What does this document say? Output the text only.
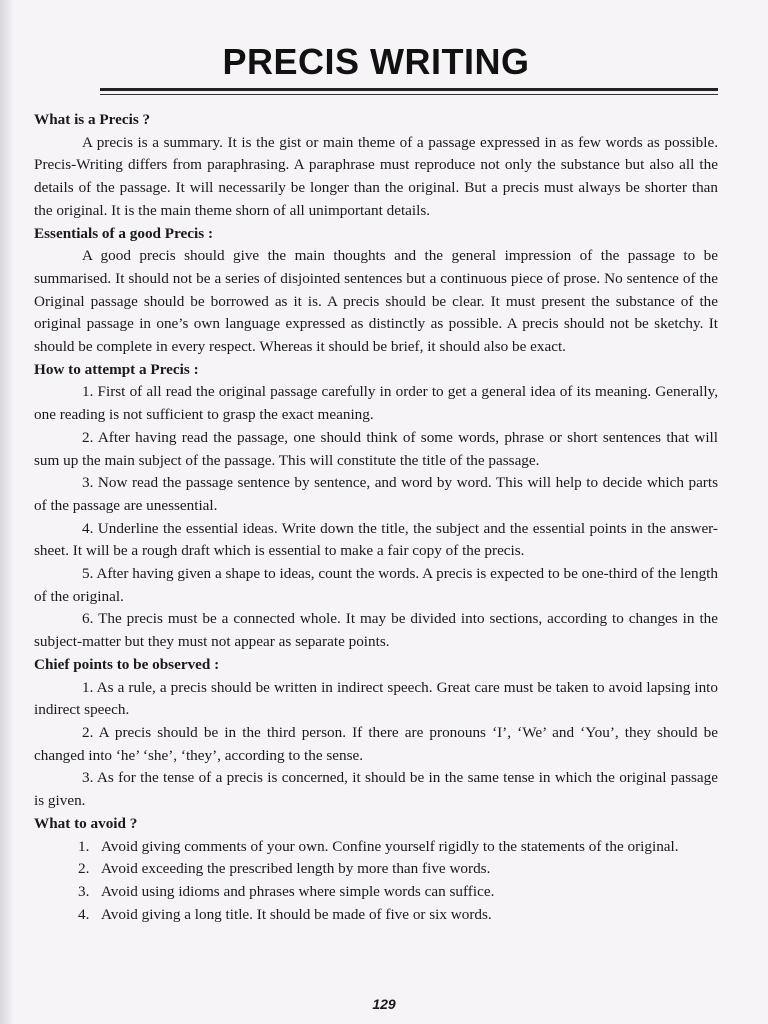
PRECIS WRITING

What is a Precis ?

A precis is a summary. It is the gist or main theme of a passage expressed in as few words as possible. Precis-Writing differs from paraphrasing. A paraphrase must reproduce not only the substance but also all the details of the passage. It will necessarily be longer than the original. But a precis must always be shorter than the original. It is the main theme shorn of all unimportant details.

Essentials of a good Precis :

A good precis should give the main thoughts and the general impression of the passage to be summarised. It should not be a series of disjointed sentences but a continuous piece of prose. No sentence of the Original passage should be borrowed as it is. A precis should be clear. It must present the substance of the original passage in one’s own language expressed as distinctly as possible. A precis should not be sketchy. It should be complete in every respect. Whereas it should be brief, it should also be exact.

How to attempt a Precis :

1. First of all read the original passage carefully in order to get a general idea of its meaning. Generally, one reading is not sufficient to grasp the exact meaning.

2. After having read the passage, one should think of some words, phrase or short sentences that will sum up the main subject of the passage. This will constitute the title of the passage.

3. Now read the passage sentence by sentence, and word by word. This will help to decide which parts of the passage are unessential.

4. Underline the essential ideas. Write down the title, the subject and the essential points in the answer-sheet. It will be a rough draft which is essential to make a fair copy of the precis.

5. After having given a shape to ideas, count the words. A precis is expected to be one-third of the length of the original.

6. The precis must be a connected whole. It may be divided into sections, according to changes in the subject-matter but they must not appear as separate points.

Chief points to be observed :

1. As a rule, a precis should be written in indirect speech. Great care must be taken to avoid lapsing into indirect speech.

2. A precis should be in the third person. If there are pronouns ‘I’, ‘We’ and ‘You’, they should be changed into ‘he’ ‘she’, ‘they’, according to the sense.

3. As for the tense of a precis is concerned, it should be in the same tense in which the original passage is given.

What to avoid ?

1. Avoid giving comments of your own. Confine yourself rigidly to the statements of the original.

2. Avoid exceeding the prescribed length by more than five words.

3. Avoid using idioms and phrases where simple words can suffice.

4. Avoid giving a long title. It should be made of five or six words.

129
